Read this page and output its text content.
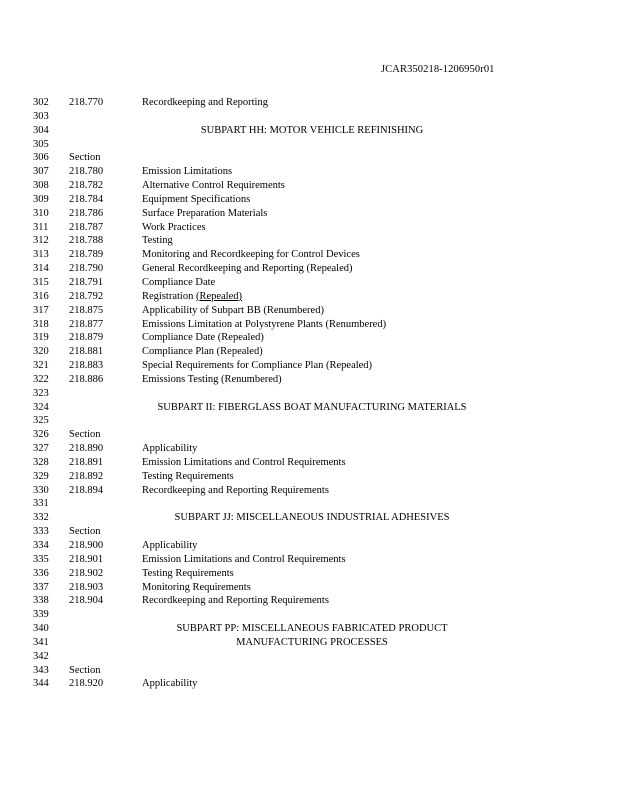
JCAR350218-1206950r01
302 218.770	Recordkeeping and Reporting
303
304	SUBPART HH: MOTOR VEHICLE REFINISHING
305
306 Section
307 218.780	Emission Limitations
308 218.782	Alternative Control Requirements
309 218.784	Equipment Specifications
310 218.786	Surface Preparation Materials
311 218.787	Work Practices
312 218.788	Testing
313 218.789	Monitoring and Recordkeeping for Control Devices
314 218.790	General Recordkeeping and Reporting (Repealed)
315 218.791	Compliance Date
316 218.792	Registration (Repealed)
317 218.875	Applicability of Subpart BB (Renumbered)
318 218.877	Emissions Limitation at Polystyrene Plants (Renumbered)
319 218.879	Compliance Date (Repealed)
320 218.881	Compliance Plan (Repealed)
321 218.883	Special Requirements for Compliance Plan (Repealed)
322 218.886	Emissions Testing (Renumbered)
323
324	SUBPART II: FIBERGLASS BOAT MANUFACTURING MATERIALS
325
326 Section
327 218.890	Applicability
328 218.891	Emission Limitations and Control Requirements
329 218.892	Testing Requirements
330 218.894	Recordkeeping and Reporting Requirements
331
332	SUBPART JJ: MISCELLANEOUS INDUSTRIAL ADHESIVES
333 Section
334 218.900	Applicability
335 218.901	Emission Limitations and Control Requirements
336 218.902	Testing Requirements
337 218.903	Monitoring Requirements
338 218.904	Recordkeeping and Reporting Requirements
339
340	SUBPART PP: MISCELLANEOUS FABRICATED PRODUCT
341	MANUFACTURING PROCESSES
342
343 Section
344 218.920	Applicability
